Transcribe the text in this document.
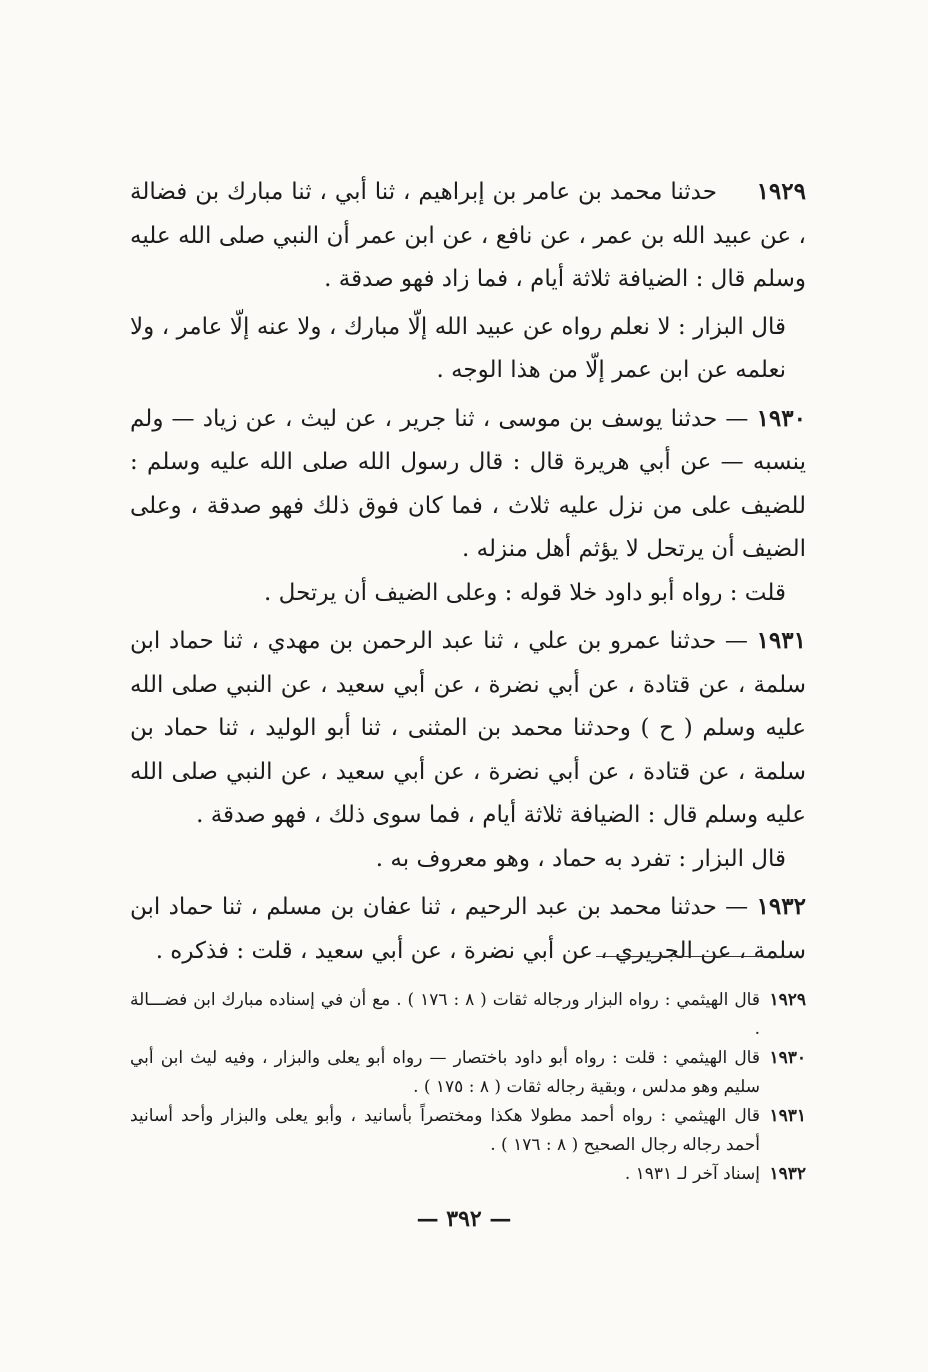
١٩٢٩     حدثنا محمد بن عامر بن إبراهيم ، ثنا أبي ، ثنا مبارك بن فضالة ، عن عبيد الله بن عمر ، عن نافع ، عن ابن عمر أن النبي صلى الله عليه وسلم قال : الضيافة ثلاثة أيام ، فما زاد فهو صدقة .

قال البزار : لا نعلم رواه عن عبيد الله إلّا مبارك ، ولا عنه إلّا عامر ، ولا نعلمه عن ابن عمر إلّا من هذا الوجه .

١٩٣٠ — حدثنا يوسف بن موسى ، ثنا جرير ، عن ليث ، عن زياد — ولم ينسبه — عن أبي هريرة قال : قال رسول الله صلى الله عليه وسلم : للضيف على من نزل عليه ثلاث ، فما كان فوق ذلك فهو صدقة ، وعلى الضيف أن يرتحل لا يؤثم أهل منزله .

قلت : رواه أبو داود خلا قوله : وعلى الضيف أن يرتحل .

١٩٣١ — حدثنا عمرو بن علي ، ثنا عبد الرحمن بن مهدي ، ثنا حماد ابن سلمة ، عن قتادة ، عن أبي نضرة ، عن أبي سعيد ، عن النبي صلى الله عليه وسلم ( ح ) وحدثنا محمد بن المثنى ، ثنا أبو الوليد ، ثنا حماد بن سلمة ، عن قتادة ، عن أبي نضرة ، عن أبي سعيد ، عن النبي صلى الله عليه وسلم قال : الضيافة ثلاثة أيام ، فما سوى ذلك ، فهو صدقة .

قال البزار : تفرد به حماد ، وهو معروف به .

١٩٣٢ — حدثنا محمد بن عبد الرحيم ، ثنا عفان بن مسلم ، ثنا حماد ابن سلمة ، عن الجريري ، عن أبي نضرة ، عن أبي سعيد ، قلت : فذكره .

١٩٢٩
قال الهيثمي : رواه البزار ورجاله ثقات ( ٨ : ١٧٦ ) . مع أن في إسناده مبارك ابن فضـــالة .
١٩٣٠
قال الهيثمي : قلت : رواه أبو داود باختصار — رواه أبو يعلى والبزار ، وفيه ليث ابن أبي سليم وهو مدلس ، وبقية رجاله ثقات ( ٨ : ١٧٥ ) .
١٩٣١
قال الهيثمي : رواه أحمد مطولا هكذا ومختصراً بأسانيد ، وأبو يعلى والبزار وأحد أسانيد أحمد رجاله رجال الصحيح ( ٨ : ١٧٦ ) .
١٩٣٢
إسناد آخر لـ ١٩٣١ .
— ٣٩٢ —
